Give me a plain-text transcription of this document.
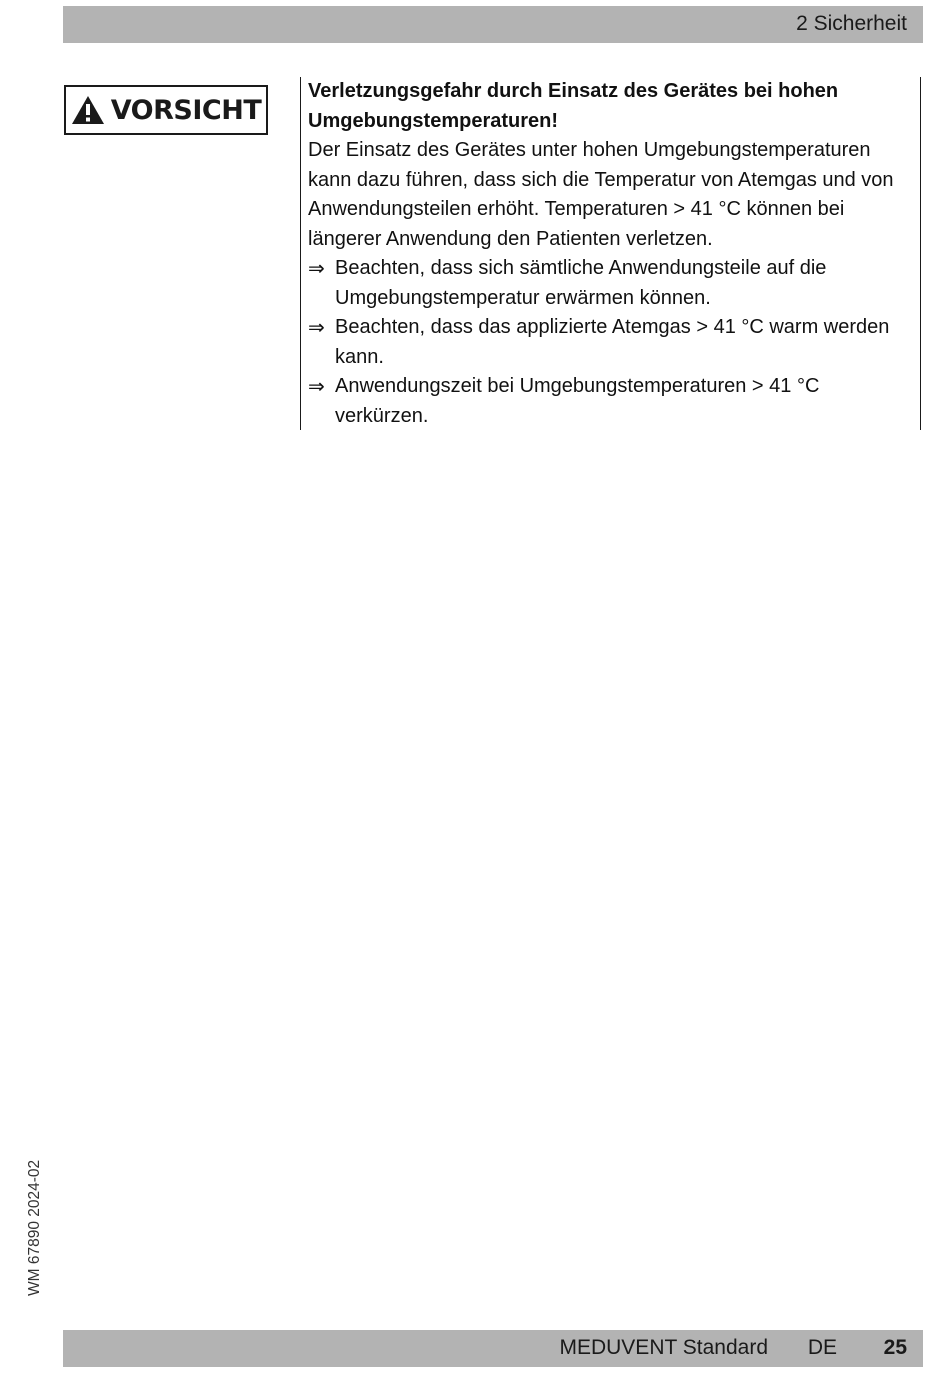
2 Sicherheit
VORSICHT

Verletzungsgefahr durch Einsatz des Gerätes bei hohen Umgebungstemperaturen!

Der Einsatz des Gerätes unter hohen Umgebungstemperaturen kann dazu führen, dass sich die Temperatur von Atemgas und von Anwendungsteilen erhöht. Temperaturen > 41 °C können bei längerer Anwendung den Patienten verletzen.

⇒ Beachten, dass sich sämtliche Anwendungsteile auf die Umgebungstemperatur erwärmen können.

⇒ Beachten, dass das applizierte Atemgas > 41 °C warm werden kann.

⇒ Anwendungszeit bei Umgebungstemperaturen > 41 °C verkürzen.

WM 67890 2024-02
MEDUVENT Standard DE 25
